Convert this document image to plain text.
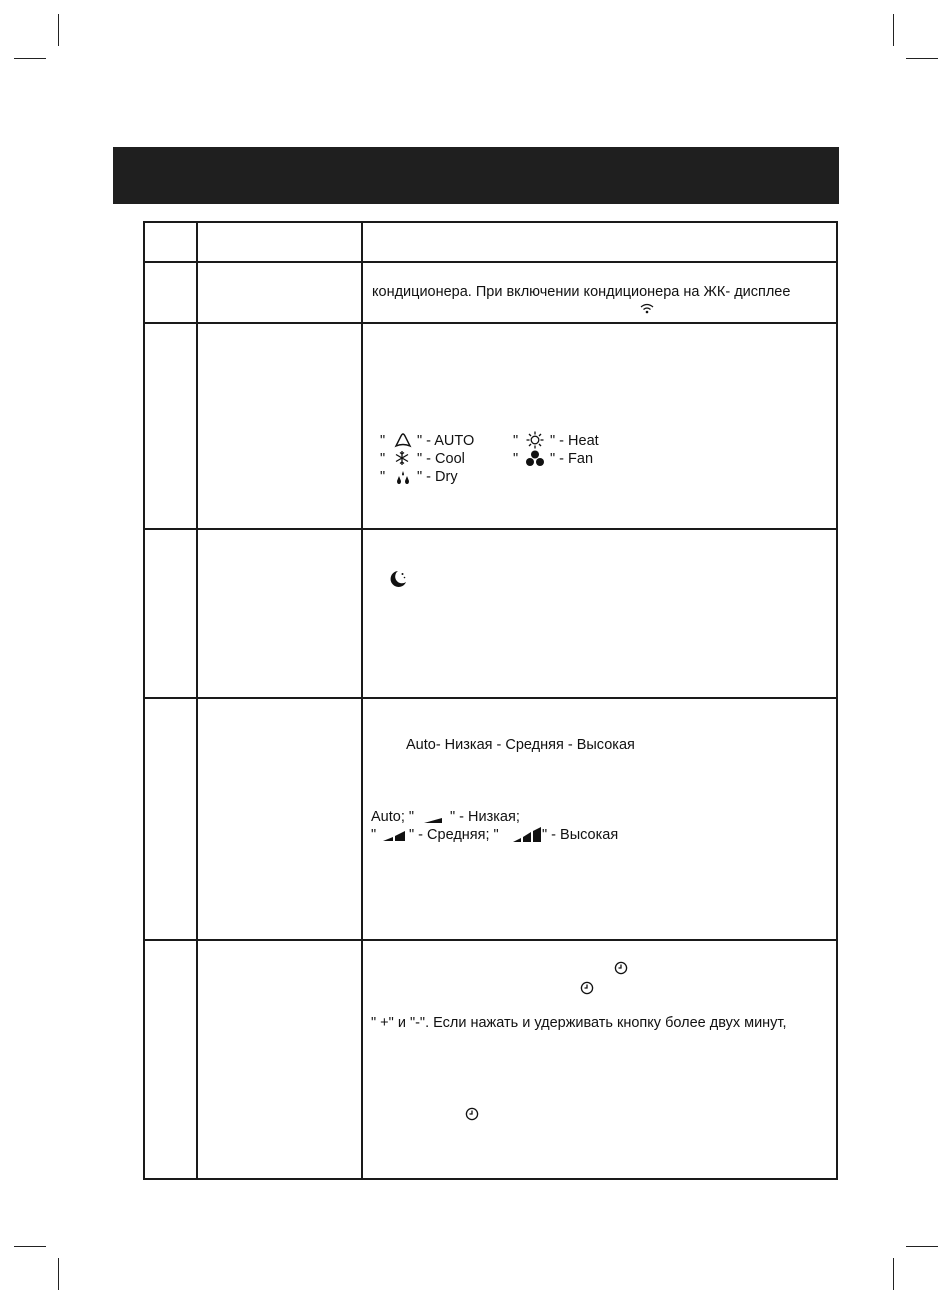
кондиционера. При включении кондиционера на ЖК- дисплее
" " - AUTO
" " - Cool
" " - Dry
" " - Heat
" " - Fan
Auto- Низкая - Средняя - Высокая
Auto; " " - Низкая;
" " - Средняя; "	" - Высокая
" +" и "-". Если нажать и удерживать кнопку более двух минут,
